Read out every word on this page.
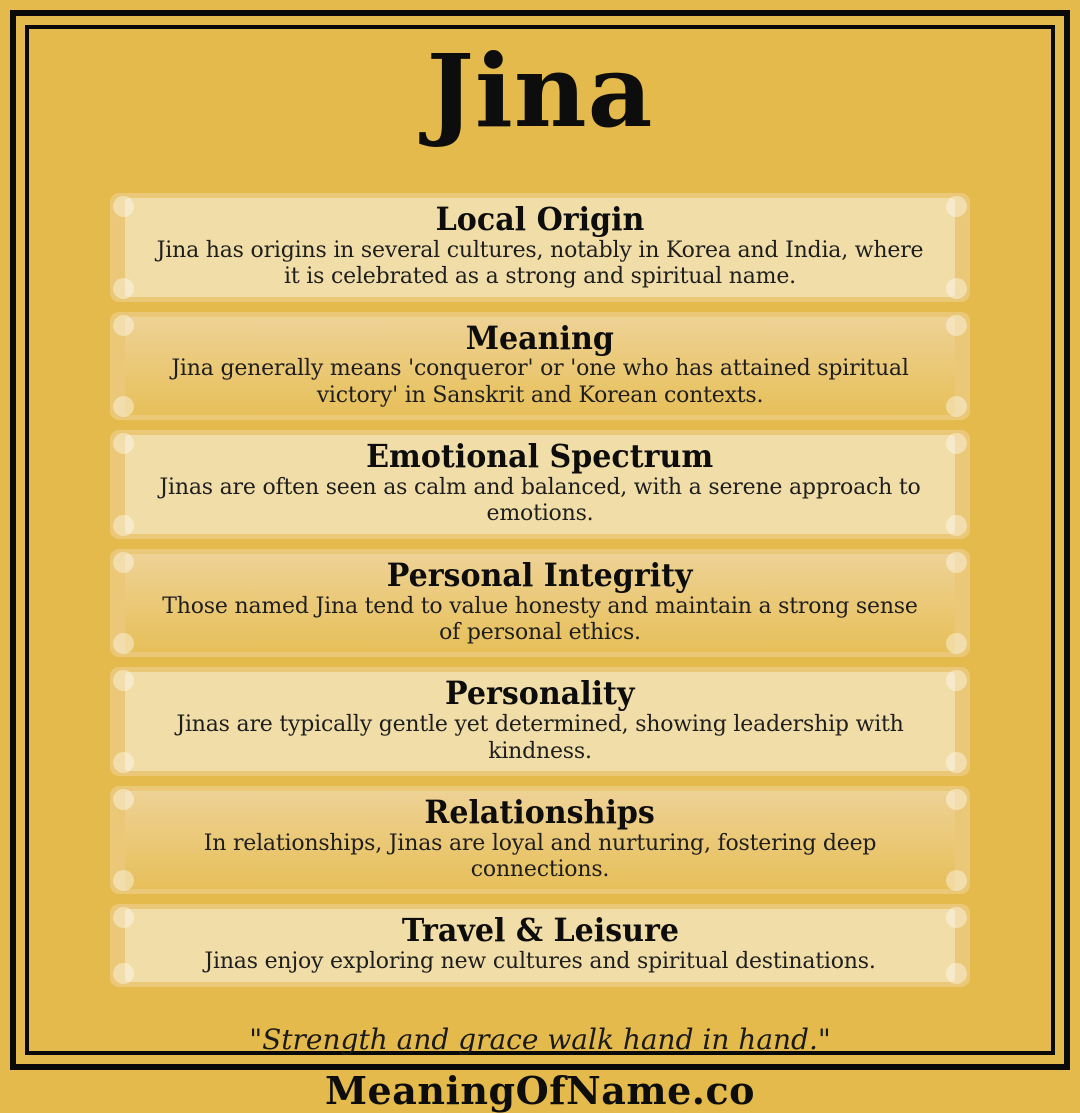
Jina
Local Origin

Jina has origins in several cultures, notably in Korea and India, where it is celebrated as a strong and spiritual name.

Meaning

Jina generally means 'conqueror' or 'one who has attained spiritual victory' in Sanskrit and Korean contexts.

Emotional Spectrum

Jinas are often seen as calm and balanced, with a serene approach to emotions.

Personal Integrity

Those named Jina tend to value honesty and maintain a strong sense of personal ethics.

Personality

Jinas are typically gentle yet determined, showing leadership with kindness.

Relationships

In relationships, Jinas are loyal and nurturing, fostering deep connections.

Travel & Leisure

Jinas enjoy exploring new cultures and spiritual destinations.

"Strength and grace walk hand in hand."

MeaningOfName.co
